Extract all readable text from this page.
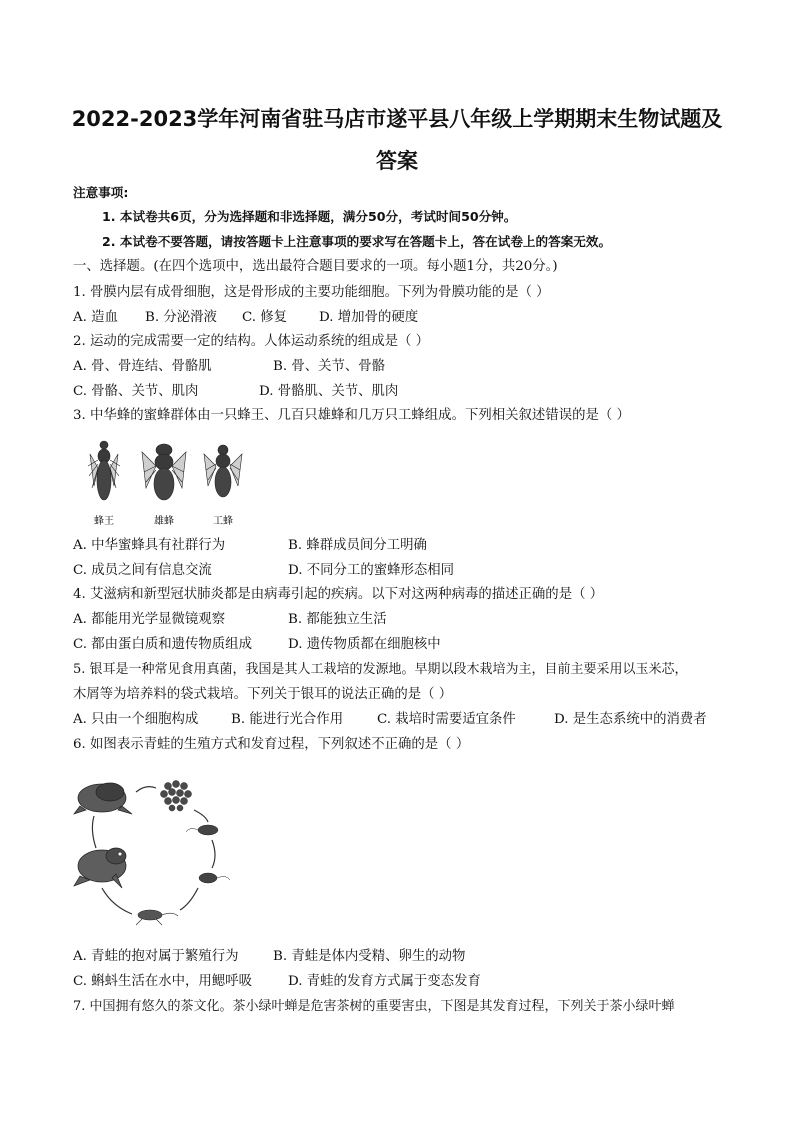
2022-2023学年河南省驻马店市遂平县八年级上学期期末生物试题及
答案
注意事项:
1. 本试卷共6页，分为选择题和非选择题，满分50分，考试时间50分钟。
2. 本试卷不要答题，请按答题卡上注意事项的要求写在答题卡上，答在试卷上的答案无效。
一、选择题。(在四个选项中，选出最符合题目要求的一项。每小题1分，共20分。)
1. 骨膜内层有成骨细胞，这是骨形成的主要功能细胞。下列为骨膜功能的是（ ）
A. 造血	B. 分泌滑液	C. 修复	D. 增加骨的硬度
2. 运动的完成需要一定的结构。人体运动系统的组成是（ ）
A. 骨、骨连结、骨骼肌	B. 骨、关节、骨骼
C. 骨骼、关节、肌肉	D. 骨骼肌、关节、肌肉
3. 中华蜂的蜜蜂群体由一只蜂王、几百只雄蜂和几万只工蜂组成。下列相关叙述错误的是（ ）
蜂王	雄蜂	工蜂
A. 中华蜜蜂具有社群行为	B. 蜂群成员间分工明确
C. 成员之间有信息交流	D. 不同分工的蜜蜂形态相同
4. 艾滋病和新型冠状肺炎都是由病毒引起的疾病。以下对这两种病毒的描述正确的是（ ）
A. 都能用光学显微镜观察	B. 都能独立生活
C. 都由蛋白质和遗传物质组成	D. 遗传物质都在细胞核中
5. 银耳是一种常见食用真菌，我国是其人工栽培的发源地。早期以段木栽培为主，目前主要采用以玉米芯，
木屑等为培养料的袋式栽培。下列关于银耳的说法正确的是（ ）
A. 只由一个细胞构成	B. 能进行光合作用	C. 栽培时需要适宜条件	D. 是生态系统中的消费者
6. 如图表示青蛙的生殖方式和发育过程，下列叙述不正确的是（ ）
A. 青蛙的抱对属于繁殖行为	B. 青蛙是体内受精、卵生的动物
C. 蝌蚪生活在水中，用鳃呼吸	D. 青蛙的发育方式属于变态发育
7. 中国拥有悠久的茶文化。茶小绿叶蝉是危害茶树的重要害虫，下图是其发育过程，下列关于茶小绿叶蝉
